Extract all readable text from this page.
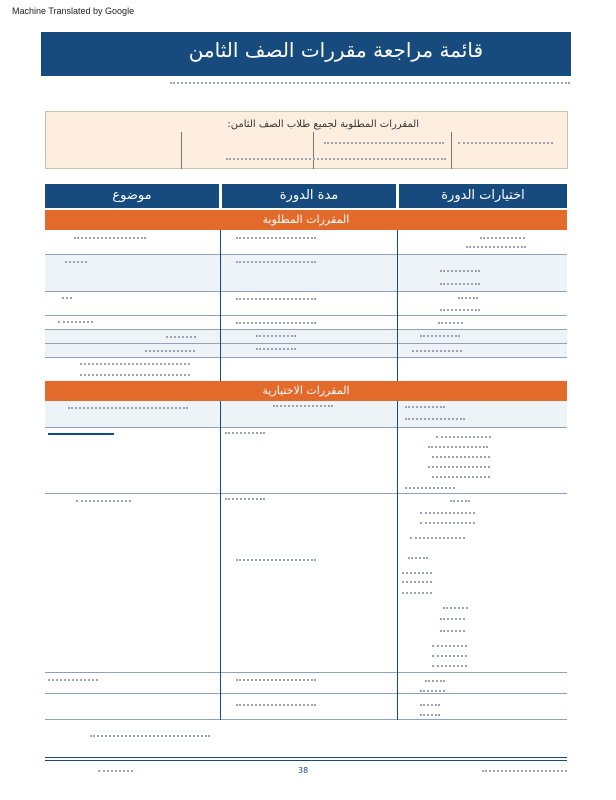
Machine Translated by Google
قائمة مراجعة مقررات الصف الثامن
المقررات المطلوبة لجميع طلاب الصف الثامن:
موضوع	مدة الدورة	اختيارات الدورة
المقررات المطلوبة
المقررات الاختيارية
38
